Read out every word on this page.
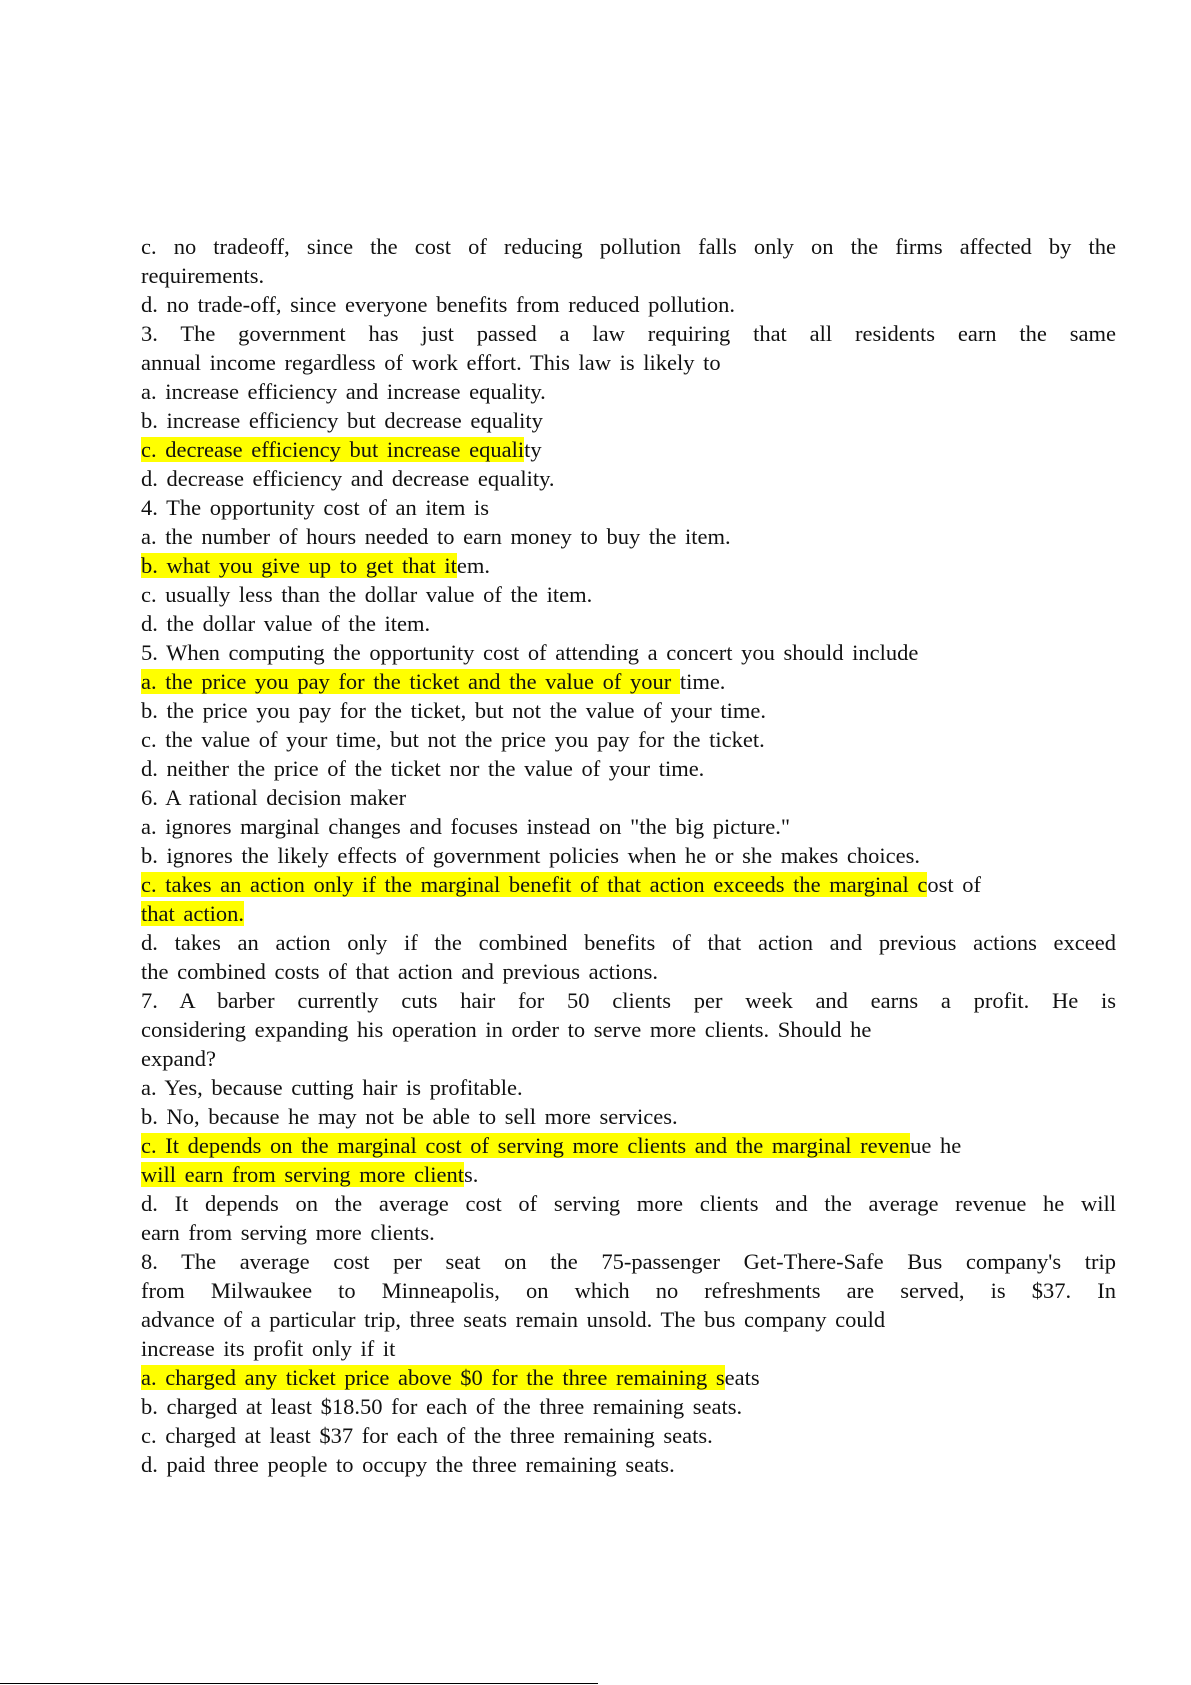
c. no tradeoff, since the cost of reducing pollution falls only on the firms affected by the
requirements.
d. no trade-off, since everyone benefits from reduced pollution.
3. The government has just passed a law requiring that all residents earn the same
annual income regardless of work effort. This law is likely to
a. increase efficiency and increase equality.
b. increase efficiency but decrease equality
c. decrease efficiency but increase equality
d. decrease efficiency and decrease equality.
4. The opportunity cost of an item is
a. the number of hours needed to earn money to buy the item.
b. what you give up to get that item.
c. usually less than the dollar value of the item.
d. the dollar value of the item.
5. When computing the opportunity cost of attending a concert you should include
a. the price you pay for the ticket and the value of your time.
b. the price you pay for the ticket, but not the value of your time.
c. the value of your time, but not the price you pay for the ticket.
d. neither the price of the ticket nor the value of your time.
6. A rational decision maker
a. ignores marginal changes and focuses instead on "the big picture."
b. ignores the likely effects of government policies when he or she makes choices.
c. takes an action only if the marginal benefit of that action exceeds the marginal cost of
that action.
d. takes an action only if the combined benefits of that action and previous actions exceed
the combined costs of that action and previous actions.
7. A barber currently cuts hair for 50 clients per week and earns a profit. He is
considering expanding his operation in order to serve more clients. Should he
expand?
a. Yes, because cutting hair is profitable.
b. No, because he may not be able to sell more services.
c. It depends on the marginal cost of serving more clients and the marginal revenue he
will earn from serving more clients.
d. It depends on the average cost of serving more clients and the average revenue he will
earn from serving more clients.
8. The average cost per seat on the 75-passenger Get-There-Safe Bus company's trip
from Milwaukee to Minneapolis, on which no refreshments are served, is $37. In
advance of a particular trip, three seats remain unsold. The bus company could
increase its profit only if it
a. charged any ticket price above $0 for the three remaining seats
b. charged at least $18.50 for each of the three remaining seats.
c. charged at least $37 for each of the three remaining seats.
d. paid three people to occupy the three remaining seats.
